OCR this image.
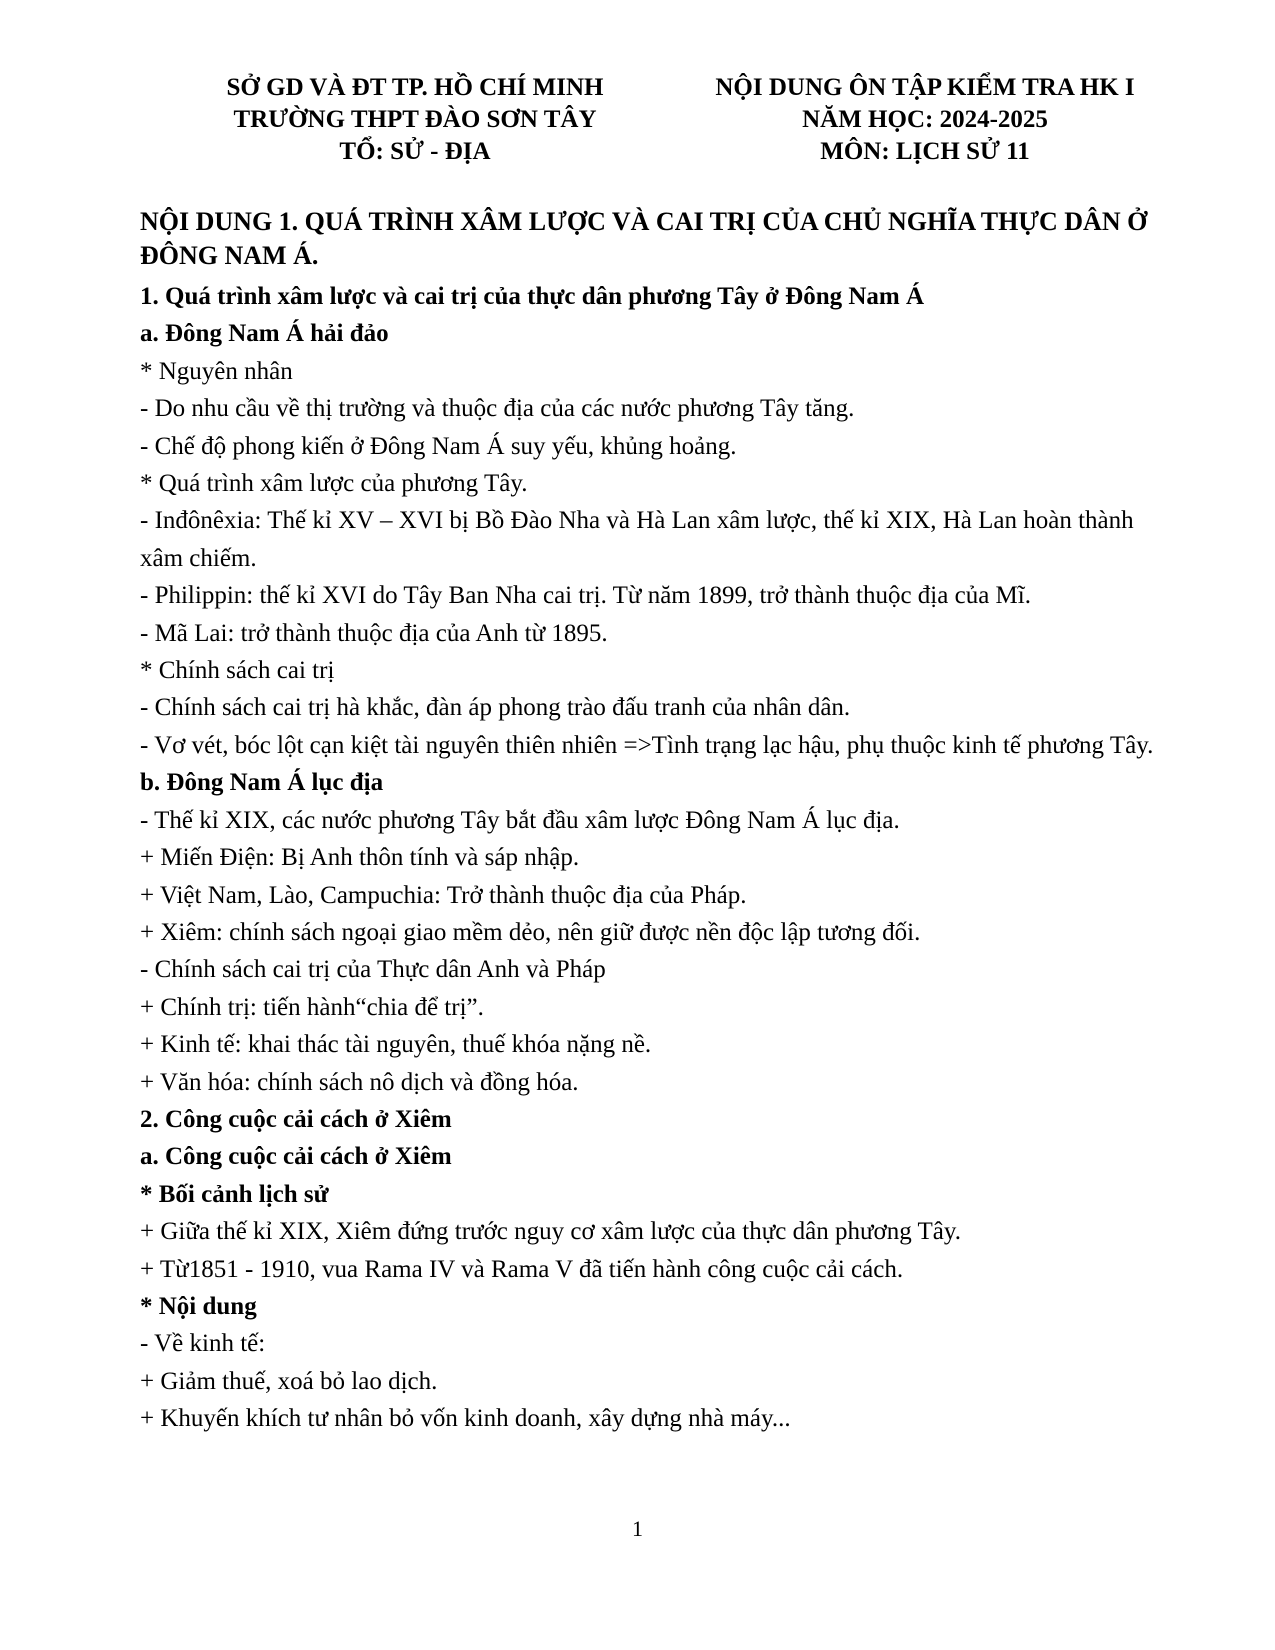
SỞ GD VÀ ĐT TP. HỒ CHÍ MINH
TRƯỜNG THPT ĐÀO SƠN TÂY
TỔ: SỬ - ĐỊA
NỘI DUNG ÔN TẬP KIỂM TRA HK I
NĂM HỌC: 2024-2025
MÔN: LỊCH SỬ 11
NỘI DUNG 1. QUÁ TRÌNH XÂM LƯỢC VÀ CAI TRỊ CỦA CHỦ NGHĨA THỰC DÂN Ở ĐÔNG NAM Á.
1. Quá trình xâm lược và cai trị của thực dân phương Tây ở Đông Nam Á
a. Đông Nam Á hải đảo
* Nguyên nhân
- Do nhu cầu về thị trường và thuộc địa của các nước phương Tây tăng.
- Chế độ phong kiến ở Đông Nam Á suy yếu, khủng hoảng.
* Quá trình xâm lược của phương Tây.
- Inđônêxia: Thế kỉ XV – XVI bị Bồ Đào Nha và Hà Lan xâm lược, thế kỉ XIX, Hà Lan hoàn thành xâm chiếm.
- Philippin: thế kỉ XVI do Tây Ban Nha cai trị. Từ năm 1899, trở thành thuộc địa của Mĩ.
- Mã Lai: trở thành thuộc địa của Anh từ 1895.
* Chính sách cai trị
- Chính sách cai trị hà khắc, đàn áp phong trào đấu tranh của nhân dân.
- Vơ vét, bóc lột cạn kiệt tài nguyên thiên nhiên =>Tình trạng lạc hậu, phụ thuộc kinh tế phương Tây.
b. Đông Nam Á lục địa
- Thế kỉ XIX, các nước phương Tây bắt đầu xâm lược Đông Nam Á lục địa.
+ Miến Điện: Bị Anh thôn tính và sáp nhập.
+ Việt Nam, Lào, Campuchia: Trở thành thuộc địa của Pháp.
+ Xiêm: chính sách ngoại giao mềm dẻo, nên giữ được nền độc lập tương đối.
- Chính sách cai trị của Thực dân Anh và Pháp
+ Chính trị: tiến hành“chia để trị”.
+ Kinh tế: khai thác tài nguyên, thuế khóa nặng nề.
+ Văn hóa: chính sách nô dịch và đồng hóa.
2. Công cuộc cải cách ở Xiêm
a. Công cuộc cải cách ở Xiêm
* Bối cảnh lịch sử
+ Giữa thế kỉ XIX, Xiêm đứng trước nguy cơ xâm lược của thực dân phương Tây.
+ Từ1851 - 1910, vua Rama IV và Rama V đã tiến hành công cuộc cải cách.
* Nội dung
- Về kinh tế:
+ Giảm thuế, xoá bỏ lao dịch.
+ Khuyến khích tư nhân bỏ vốn kinh doanh, xây dựng nhà máy...
1
